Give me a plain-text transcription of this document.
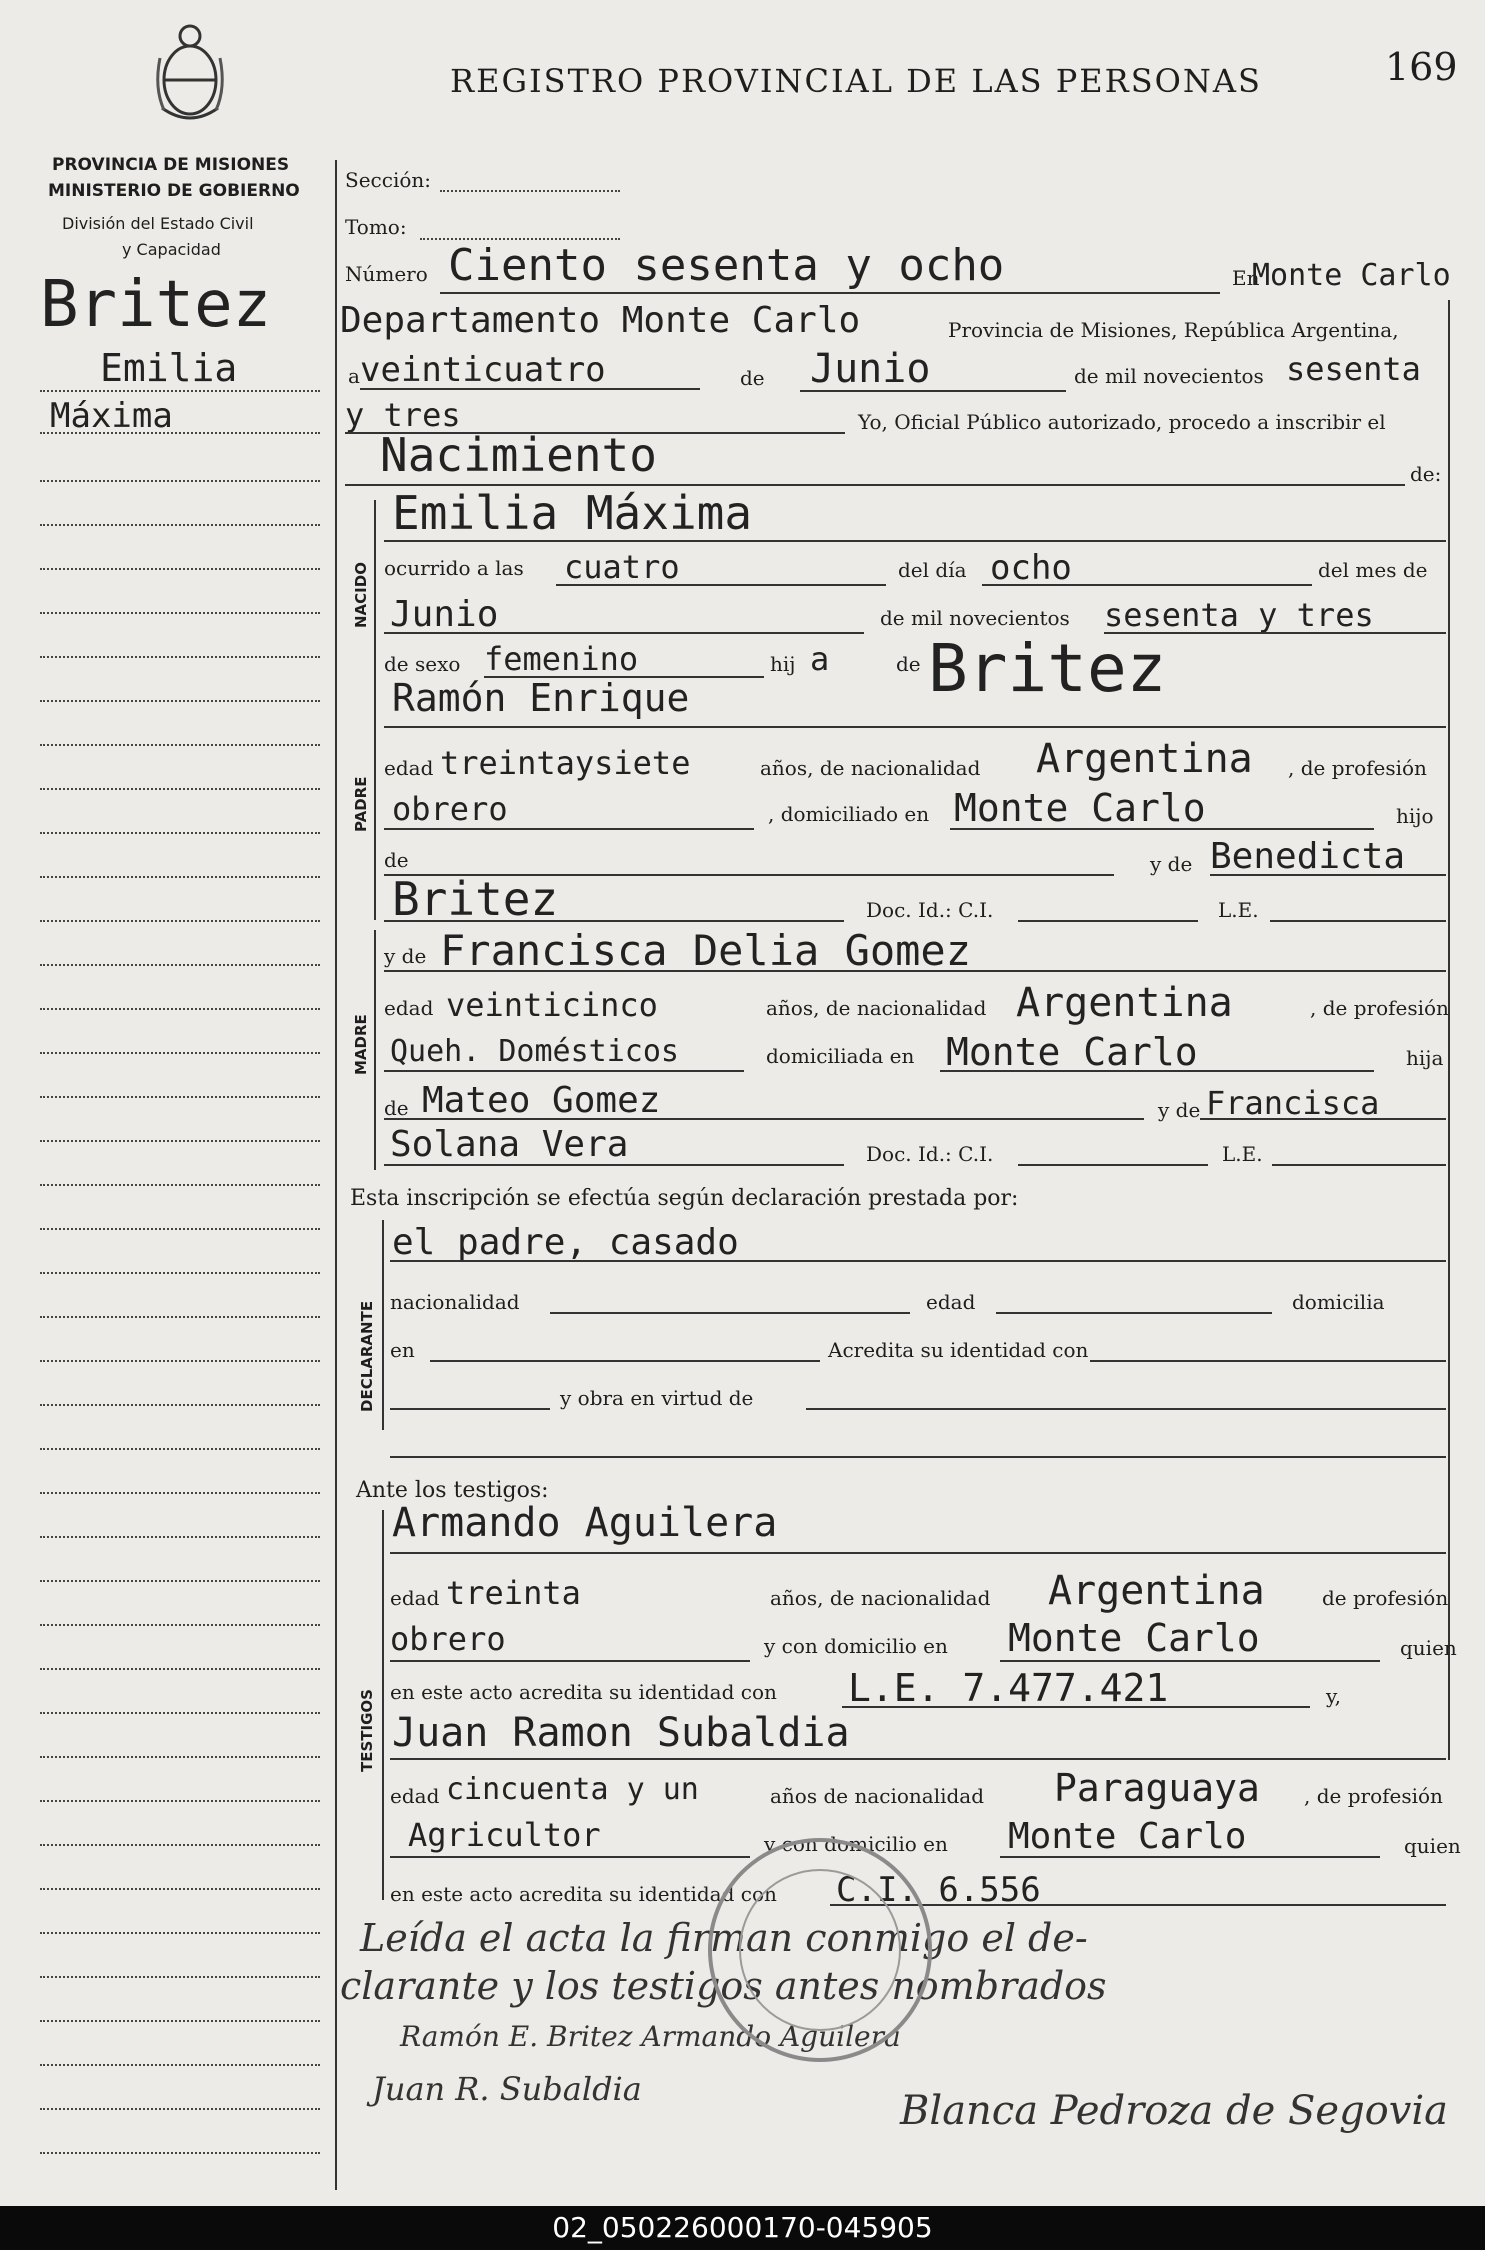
REGISTRO PROVINCIAL DE LAS PERSONAS	169
PROVINCIA DE MISIONES
MINISTERIO DE GOBIERNO
División del Estado Civil
y Capacidad
Britez
Emilia
Máxima
Sección:
Tomo:
Número Ciento sesenta y ocho	En
Monte Carlo
Departamento Monte Carlo	Provincia de Misiones, República Argentina,
a veinticuatro	de Junio	de mil novecientos sesenta
y tres	Yo, Oficial Público autorizado, procedo a inscribir el
Nacimiento	de:
NACIDO
Emilia Máxima
ocurrido a las cuatro	del día ocho	del mes de
Junio	de mil novecientos sesenta y tres
de sexo femenino	hij a	de
PADRE
Ramón Enrique	Britez
edad treintaysiete	años, de nacionalidad Argentina , de profesión
obrero	, domiciliado en Monte Carlo	hijo
de	y de Benedicta
Britez	Doc. Id.: C.I.	L.E.
MADRE
y de Francisca Delia Gomez
edad veinticinco	años, de nacionalidad Argentina	, de profesión
Queh. Domésticos	domiciliada en Monte Carlo	hija
de Mateo Gomez	y de Francisca
Solana Vera	Doc. Id.: C.I.	L.E.
Esta inscripción se efectúa según declaración prestada por:
DECLARANTE
el padre, casado
nacionalidad	edad	domicilia
en	Acredita su identidad con
y obra en virtud de
Ante los testigos:
TESTIGOS
Armando Aguilera
edad treinta	años, de nacionalidad Argentina	de profesión
obrero	y con domicilio en Monte Carlo	quien
en este acto acredita su identidad con L.E. 7.477.421	y,
Juan Ramon Subaldia
edad cincuenta y un	años de nacionalidad Paraguaya , de profesión
Agricultor	y con domicilio en Monte Carlo	quien
en este acto acredita su identidad con C.I. 6.556
Leída el acta la firman conmigo el de-
clarante y los testigos antes nombrados
Ramón E. Britez Armando Aguilera
Juan R. Subaldia	Blanca Pedroza de Segovia
02_050226000170-045905
